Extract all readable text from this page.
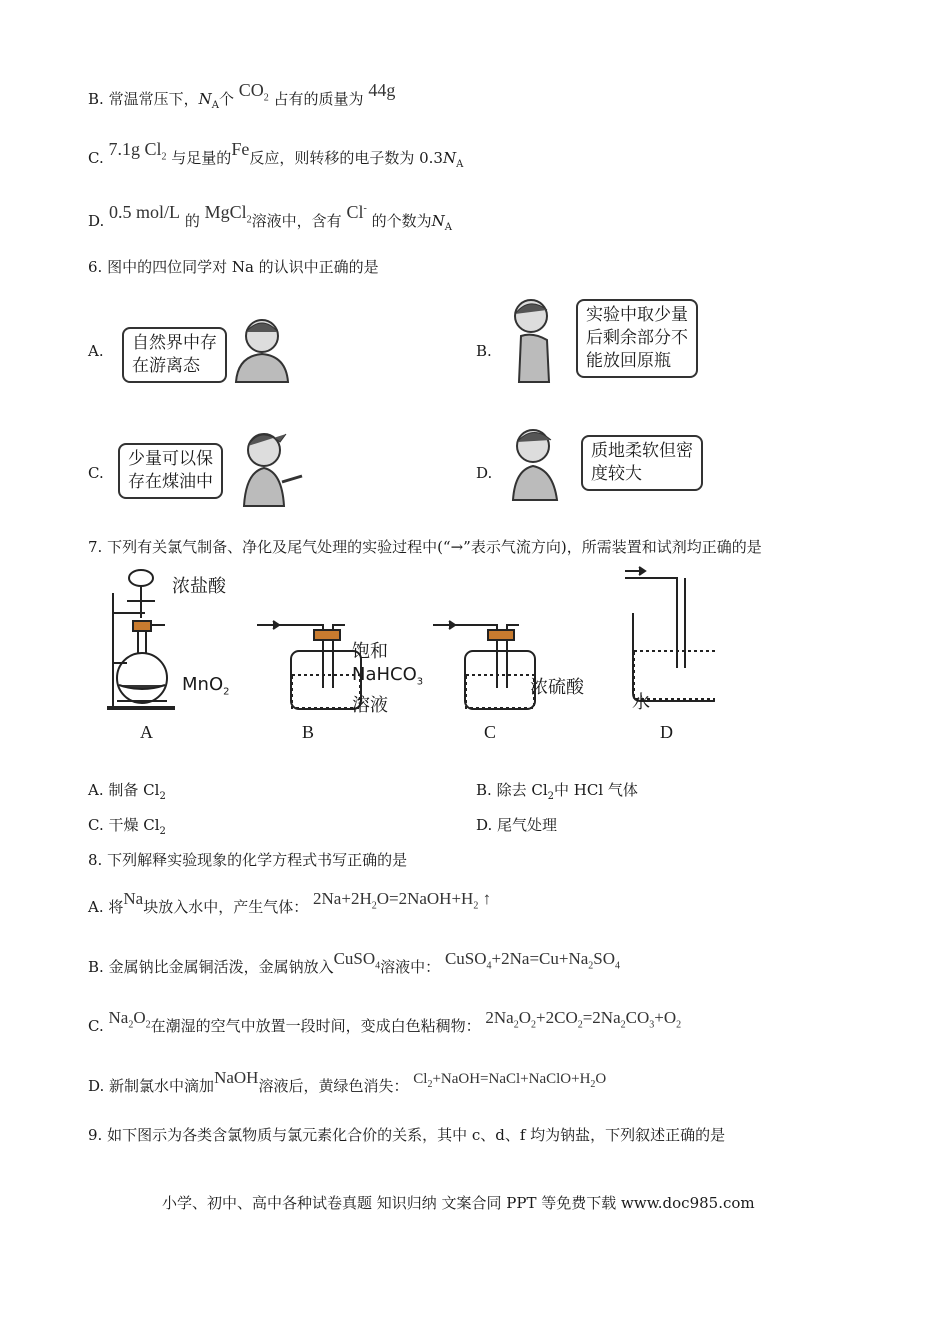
B. 常温常压下，$N_A$个 $CO_2$ 占有的质量为 44g
C. 7.1g $Cl_2$ 与足量的Fe反应，则转移的电子数为 $0.3N_A$
D. 0.5 mol/L 的 MgCl$_2$溶液中，含有 Cl- 的个数为$N_A$
6. 图中的四位同学对 Na 的认识中正确的是
A. 自然界中存
在游离态
B.
实验中取少量
后剩余部分不
能放回原瓶
C.
少量可以保
存在煤油中	D.
质地柔软但密
度较大
7. 下列有关氯气制备、净化及尾气处理的实验过程中(“→”表示气流方向)，所需装置和试剂均正确的是
浓盐酸
MnO$_2$
饱和
NaHCO$_3$
溶液
浓硫酸
水
A	B	C	D
A. 制备 $Cl_2$	B. 除去 $Cl_2$中 HCl 气体
C. 干燥 $Cl_2$	D. 尾气处理
8. 下列解释实验现象的化学方程式书写正确的是
A. 将Na块放入水中，产生气体： $2Na+2H_2O=2NaOH+H_2$ ↑
B. 金属钠比金属铜活泼，金属钠放入CuSO$_4$溶液中： $CuSO_4+2Na=Cu+Na_2SO_4$
C. $Na_2O_2$在潮湿的空气中放置一段时间，变成白色粘稠物： $2Na_2O_2+2CO_2=2Na_2CO_3+O_2$
D. 新制氯水中滴加NaOH溶液后，黄绿色消失： $Cl_2+NaOH=NaCl+NaClO+H_2O$
9. 如下图示为各类含氯物质与氯元素化合价的关系，其中 c、d、f 均为钠盐，下列叙述正确的是
小学、初中、高中各种试卷真题 知识归纳 文案合同 PPT 等免费下载 www.doc985.com
